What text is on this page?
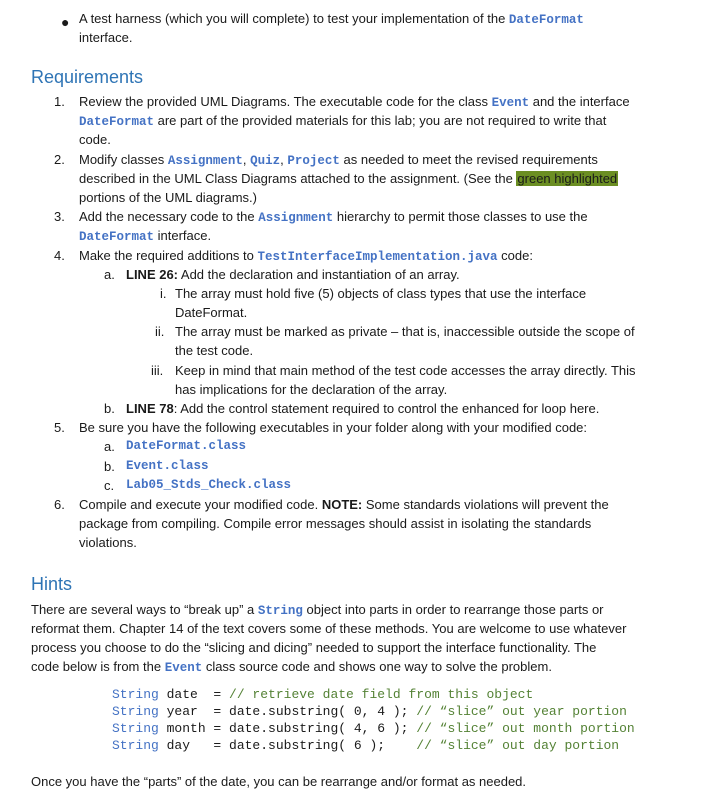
● A test harness (which you will complete) to test your implementation of the DateFormat
interface.
Requirements
1. Review the provided UML Diagrams. The executable code for the class Event and the interface
DateFormat are part of the provided materials for this lab; you are not required to write that
code.
2. Modify classes Assignment, Quiz, Project as needed to meet the revised requirements
described in the UML Class Diagrams attached to the assignment. (See the green highlighted
portions of the UML diagrams.)
3. Add the necessary code to the Assignment hierarchy to permit those classes to use the
DateFormat interface.
4. Make the required additions to TestInterfaceImplementation.java code:
a. LINE 26: Add the declaration and instantiation of an array.
i. The array must hold five (5) objects of class types that use the interface
DateFormat.
ii. The array must be marked as private – that is, inaccessible outside the scope of
the test code.
iii. Keep in mind that main method of the test code accesses the array directly. This
has implications for the declaration of the array.
b. LINE 78: Add the control statement required to control the enhanced for loop here.
5. Be sure you have the following executables in your folder along with your modified code:
a. DateFormat.class
b. Event.class
c. Lab05_Stds_Check.class
6. Compile and execute your modified code. NOTE: Some standards violations will prevent the
package from compiling. Compile error messages should assist in isolating the standards
violations.
Hints
There are several ways to “break up” a String object into parts in order to rearrange those parts or
reformat them. Chapter 14 of the text covers some of these methods. You are welcome to use whatever
process you choose to do the “slicing and dicing” needed to support the interface functionality. The
code below is from the Event class source code and shows one way to solve the problem.
String date  = // retrieve date field from this object
String year  = date.substring( 0, 4 ); // “slice” out year portion
String month = date.substring( 4, 6 ); // “slice” out month portion
String day   = date.substring( 6 );    // “slice” out day portion
Once you have the “parts” of the date, you can be rearrange and/or format as needed.
